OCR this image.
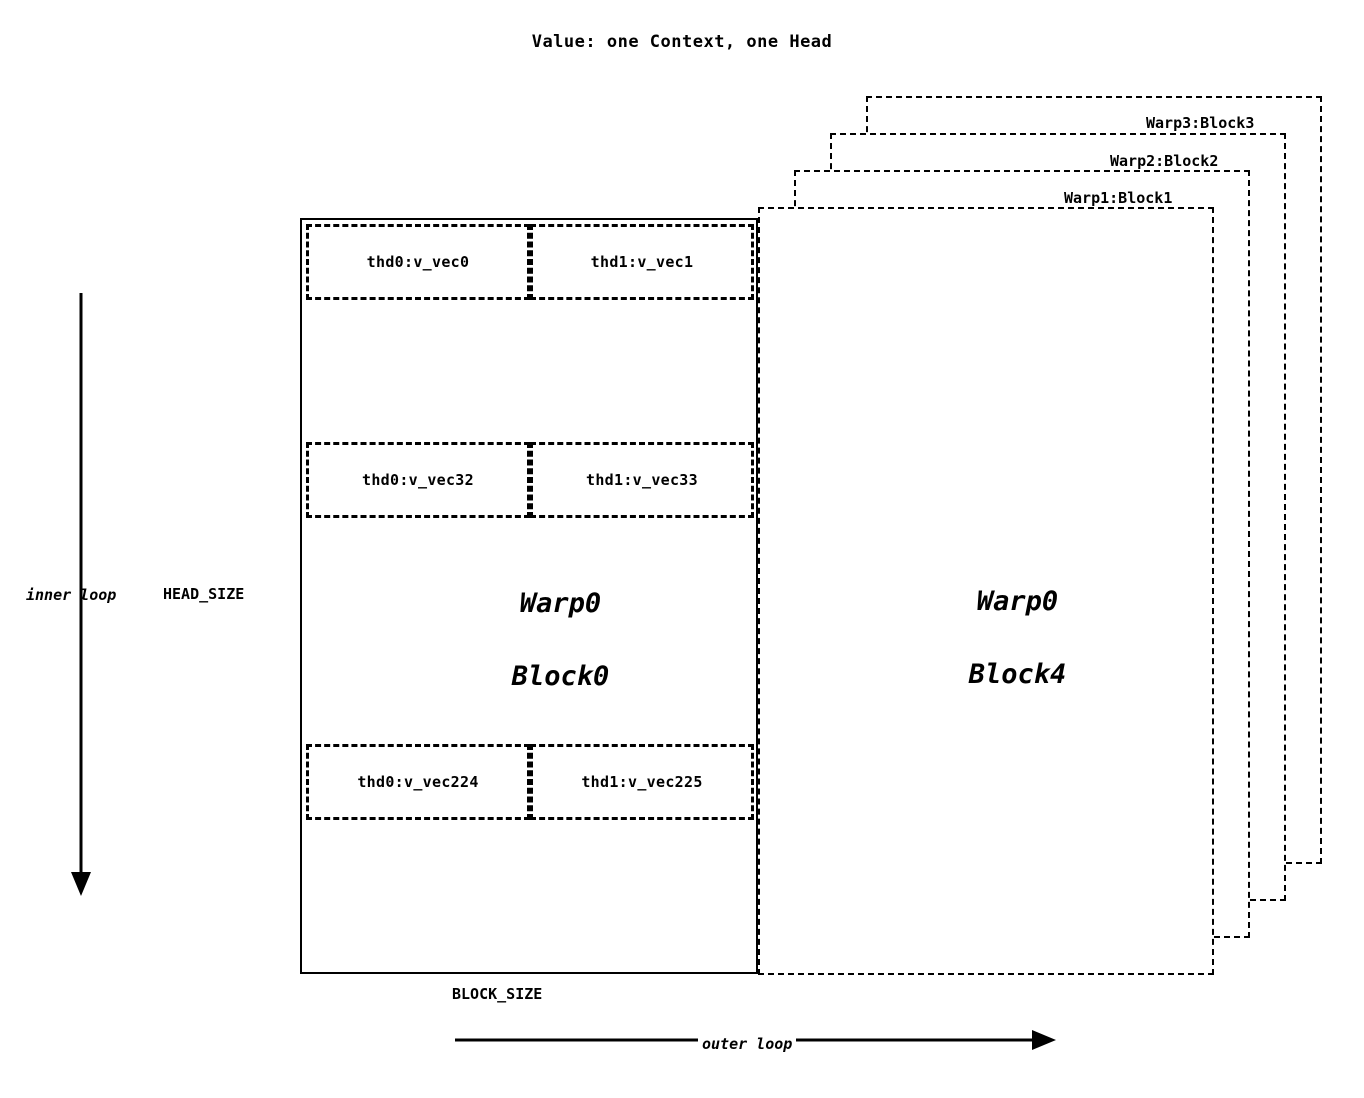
Value: one Context, one Head
Warp3:Block3
Warp2:Block2
Warp1:Block1

Warp0

Block4

thd0:v_vec0	thd1:v_vec1
thd0:v_vec32	thd1:v_vec33

Warp0

Block0

thd0:v_vec224	thd1:v_vec225
inner loop	HEAD_SIZE
BLOCK_SIZE
outer loop
